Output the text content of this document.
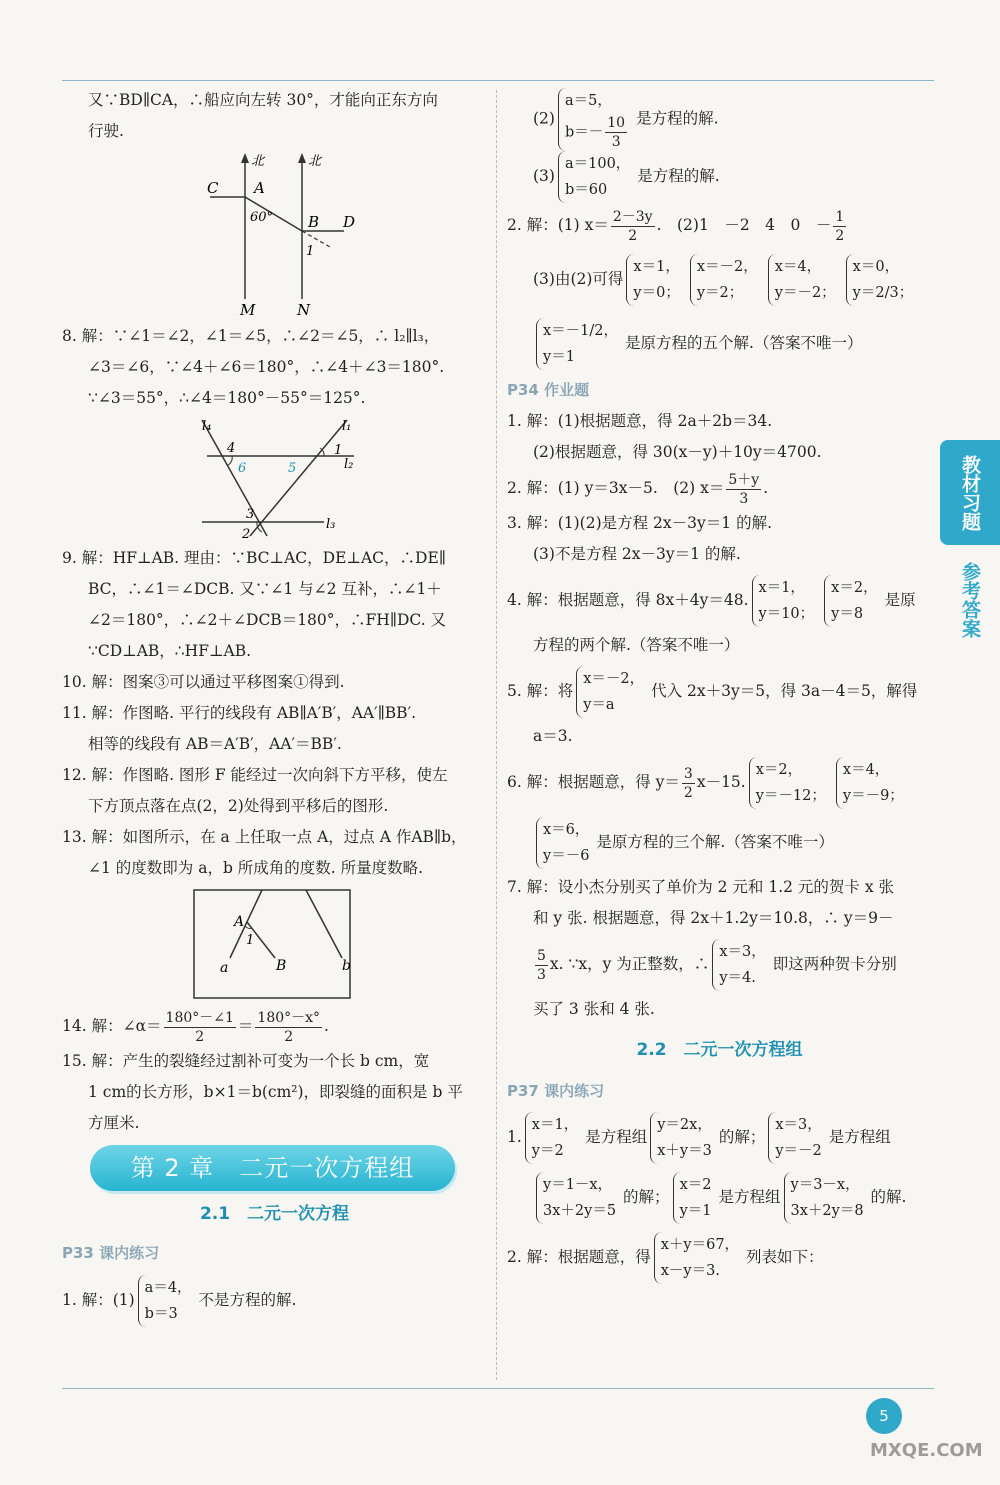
又∵BD∥CA，∴船应向左转 30°，才能向正东方向
行驶.
北	北
C A
60° B D
1
M	N
8. 解：∵∠1＝∠2，∠1＝∠5，∴∠2＝∠5，∴ l₂∥l₃，
∠3＝∠6，∵∠4＋∠6＝180°，∴∠4＋∠3＝180°.
∵∠3＝55°，∴∠4＝180°－55°＝125°.
l₄	l₁
l₂
l₃
4
6	5
1
3
2
9. 解：HF⊥AB. 理由：∵BC⊥AC，DE⊥AC，∴DE∥
BC，∴∠1＝∠DCB. 又∵∠1 与∠2 互补，∴∠1＋
∠2＝180°，∴∠2＋∠DCB＝180°，∴FH∥DC. 又
∵CD⊥AB，∴HF⊥AB.
10. 解：图案③可以通过平移图案①得到.
11. 解：作图略. 平行的线段有 AB∥A′B′，AA′∥BB′.
相等的线段有 AB＝A′B′，AA′＝BB′.
12. 解：作图略. 图形 F 能经过一次向斜下方平移，使左
下方顶点落在点(2，2)处得到平移后的图形.
13. 解：如图所示，在 a 上任取一点 A，过点 A 作AB∥b，
∠1 的度数即为 a，b 所成角的度数. 所量度数略.
A
1
a	B	b
14. 解：∠α＝ $\frac{180^\circ-\angle 1}{2} = \frac{180^\circ-x^\circ}{2}$ .
15. 解：产生的裂缝经过割补可变为一个长 b cm，宽
1 cm的长方形，b×1＝b(cm²)，即裂缝的面积是 b 平
方厘米.
第 2 章　二元一次方程组
2.1　二元一次方程
P33 课内练习
1. 解：(1)a＝4，
b＝3不是方程的解.
(2)a＝5，
$b=- \frac{10}{3}$ 是方程的解.
(3)a＝100，
b＝60是方程的解.
2. 解：(1) $x= \frac{2-3y}{2}$ .　(2)1　－2　4　0　－ $\frac{1}{2}$
(3)由(2)可得x＝1，
y＝0；x＝－2，
y＝2；x＝4，
y＝－2；x＝0，
y＝2/3；
x＝－1/2，
y＝1是原方程的五个解.（答案不唯一）
P34 作业题
1. 解：(1)根据题意，得 2a＋2b＝34.
(2)根据题意，得 30(x－y)＋10y＝4700.
2. 解：(1) y＝3x－5.　(2) $x= \frac{5+y}{3}$ .
3. 解：(1)(2)是方程 2x－3y＝1 的解.
(3)不是方程 2x－3y＝1 的解.
4. 解：根据题意，得 8x＋4y＝48.x＝1，
y＝10；x＝2，
y＝8是原
方程的两个解.（答案不唯一）
5. 解：将x＝－2，
y＝a代入 2x＋3y＝5，得 3a－4＝5，解得
a＝3.
6. 解：根据题意，得 $y= \frac{3}{2} x-15.x=2$，
y＝－12；x＝4，
y＝－9；
x＝6，
y＝－6是原方程的三个解.（答案不唯一）
7. 解：设小杰分别买了单价为 2 元和 1.2 元的贺卡 x 张
和 y 张. 根据题意，得 2x＋1.2y＝10.8，∴ y＝9－
$\frac{5}{3} x$. ∵x，y 为正整数，∴x＝3，
y＝4.即这两种贺卡分别
买了 3 张和 4 张.
2.2　二元一次方程组
P37 课内练习
1.x＝1，
y＝2是方程组y＝2x，
x＋y＝3的解；x＝3，
y＝－2是方程组
y＝1－x，
3x＋2y＝5的解；x＝2
y＝1是方程组y＝3－x，
3x＋2y＝8的解.
2. 解：根据题意，得x＋y＝67，
x－y＝3.列表如下：
教材习题
参考答案
5
MXQE.COM
